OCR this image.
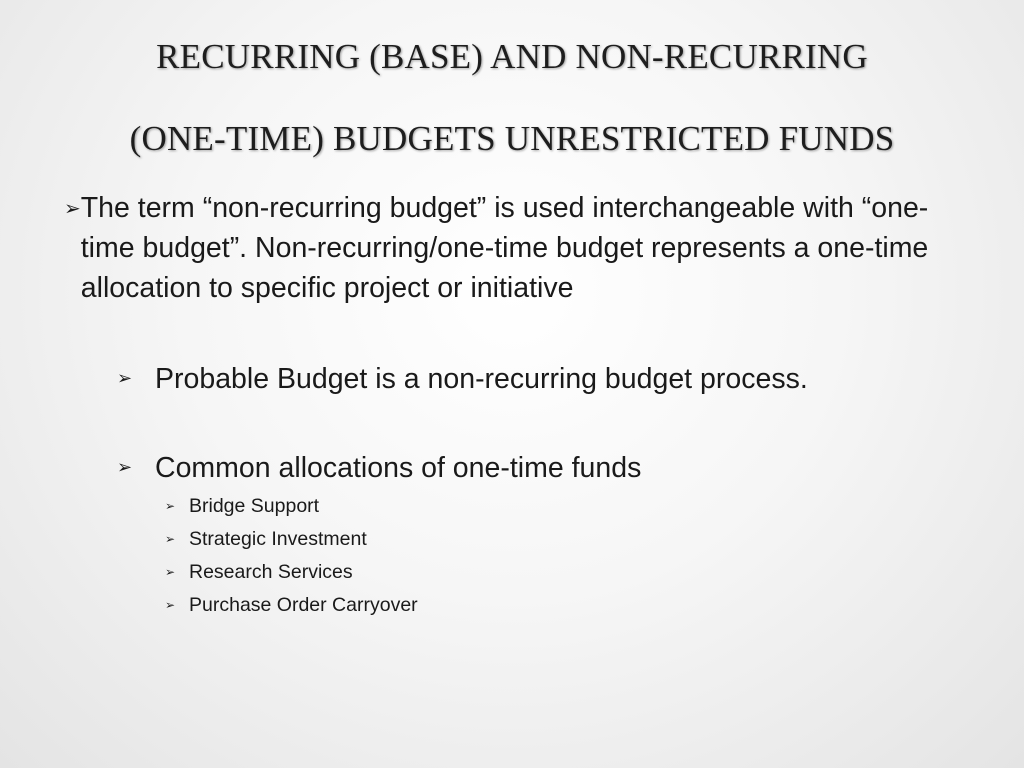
RECURRING (BASE) AND NON-RECURRING
(ONE-TIME) BUDGETS UNRESTRICTED FUNDS
➢ The term “non-recurring budget” is used interchangeable with “one-time budget”. Non-recurring/one-time budget represents a one-time allocation to specific project or initiative
➢ Probable Budget is a non-recurring budget process.
➢ Common allocations of one-time funds
➢ Bridge Support
➢ Strategic Investment
➢ Research Services
➢ Purchase Order Carryover
